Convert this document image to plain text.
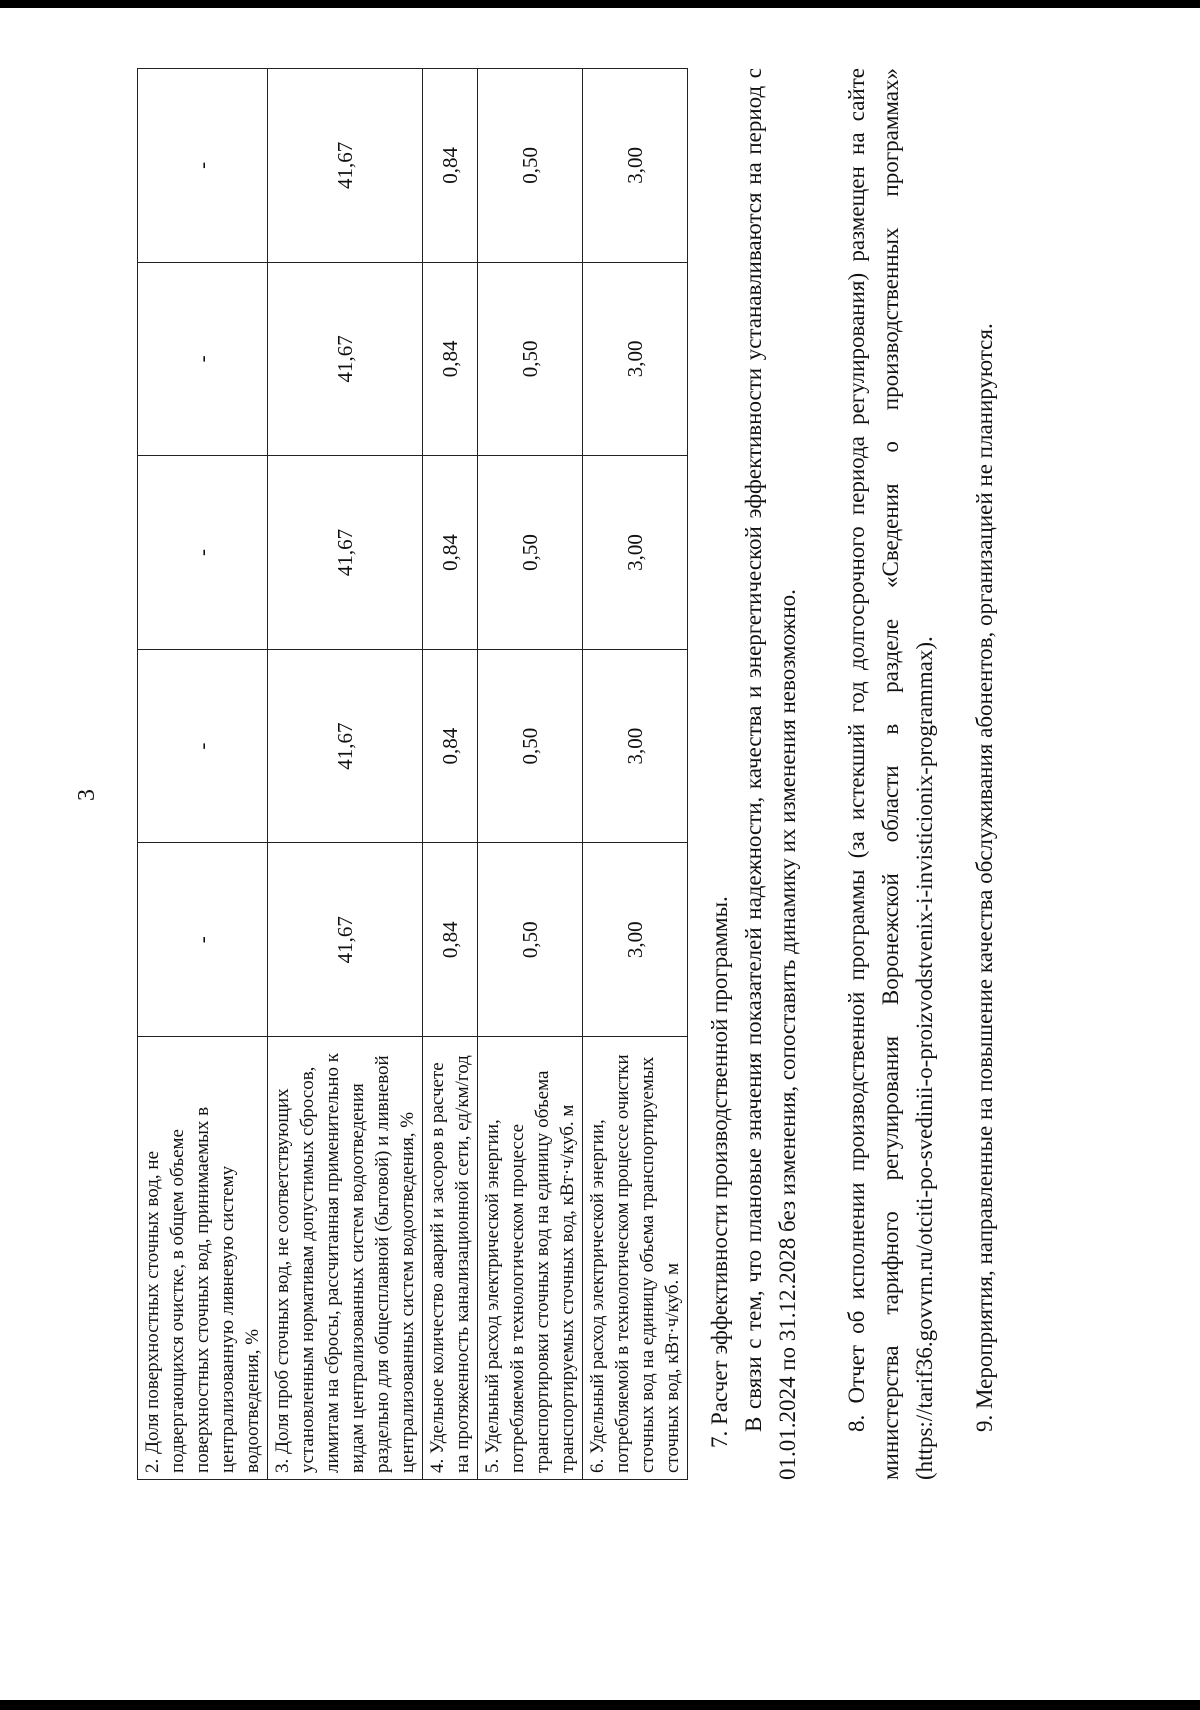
3
2. Доля поверхностных сточных вод, не подвергающихся очистке, в общем объеме поверхностных сточных вод, принимаемых в централизованную ливневую систему водоотведения, %	-	-	-	-	-
3. Доля проб сточных вод, не соответствующих установленным нормативам допустимых сбросов, лимитам на сбросы, рассчитанная применительно к видам централизованных систем водоотведения раздельно для общесплавной (бытовой) и ливневой централизованных систем водоотведения, %	41,67	41,67	41,67	41,67	41,67
4. Удельное количество аварий и засоров в расчете на протяженность канализационной сети, ед/км/год	0,84	0,84	0,84	0,84	0,84
5. Удельный расход электрической энергии, потребляемой в технологическом процессе транспортировки сточных вод на единицу объема транспортируемых сточных вод, кВт·ч/куб. м	0,50	0,50	0,50	0,50	0,50
6. Удельный расход электрической энергии, потребляемой в технологическом процессе очистки сточных вод на единицу объема транспортируемых сточных вод, кВт·ч/куб. м	3,00	3,00	3,00	3,00	3,00

7. Расчет эффективности производственной программы. В связи с тем, что плановые значения показателей надежности, качества и энергетической эффективности устанавливаются на период с 01.01.2024 по 31.12.2028 без изменения, сопоставить динамику их изменения невозможно. 8. Отчет об исполнении производственной программы (за истекший год долгосрочного периода регулирования) размещен на сайте министерства тарифного регулирования Воронежской области в разделе «Сведения о производственных программах» (https://tarif36.govvrn.ru/otciti-po-svedinii-o-proizvodstvenix-i-invisticionix-programmax). 9. Мероприятия, направленные на повышение качества обслуживания абонентов, организацией не планируются.
